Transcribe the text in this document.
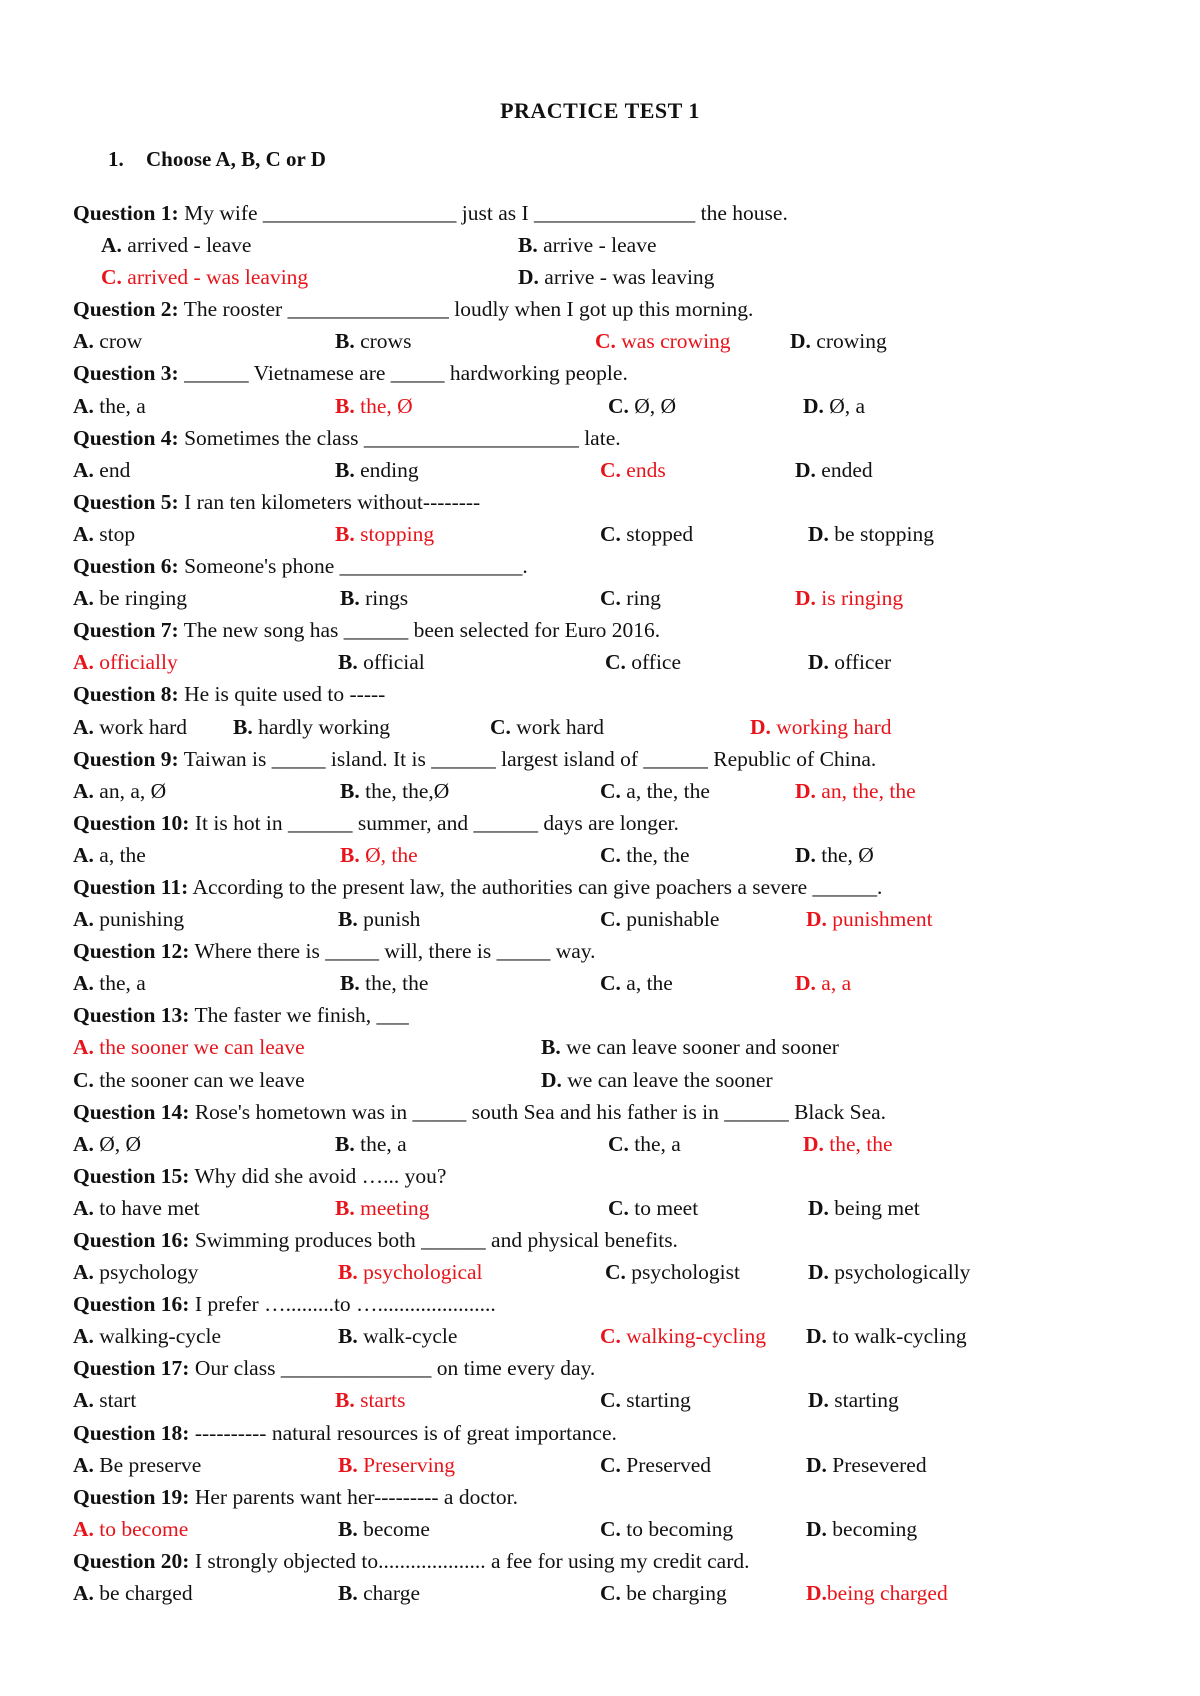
PRACTICE TEST 1
1. Choose A, B, C or D
Question 1: My wife __________________ just as I _______________ the house.
A. arrived - leave	B. arrive - leave
C. arrived - was leaving	D. arrive - was leaving
Question 2: The rooster _______________ loudly when I got up this morning.
A. crow	B. crows	C. was crowing	D. crowing
Question 3: ______ Vietnamese are _____ hardworking people.
A. the, a	B. the, Ø	C. Ø, Ø	D. Ø, a
Question 4: Sometimes the class ____________________ late.
A. end	B. ending	C. ends	D. ended
Question 5: I ran ten kilometers without--------
A. stop	B. stopping	C. stopped	D. be stopping
Question 6: Someone's phone _________________.
A. be ringing	B. rings	C. ring	D. is ringing
Question 7: The new song has ______ been selected for Euro 2016.
A. officially	B. official	C. office	D. officer
Question 8: He is quite used to -----
A. work hard B. hardly working	C. work hard	D. working hard
Question 9: Taiwan is _____ island. It is ______ largest island of ______ Republic of China.
A. an, a, Ø	B. the, the,Ø	C. a, the, the	D. an, the, the
Question 10: It is hot in ______ summer, and ______ days are longer.
A. a, the	B. Ø, the	C. the, the	D. the, Ø
Question 11: According to the present law, the authorities can give poachers a severe ______.
A. punishing	B. punish	C. punishable	D. punishment
Question 12: Where there is _____ will, there is _____ way.
A. the, a	B. the, the	C. a, the	D. a, a
Question 13: The faster we finish, ___
A. the sooner we can leave	B. we can leave sooner and sooner
C. the sooner can we leave	D. we can leave the sooner
Question 14: Rose's hometown was in _____ south Sea and his father is in ______ Black Sea.
A. Ø, Ø	B. the, a	C. the, a	D. the, the
Question 15: Why did she avoid …... you?
A. to have met	B. meeting	C. to meet	D. being met
Question 16: Swimming produces both ______ and physical benefits.
A. psychology	B. psychological	C. psychologist	D. psychologically
Question 16: I prefer ….........to …......................
A. walking-cycle	B. walk-cycle	C. walking-cycling D. to walk-cycling
Question 17: Our class ______________ on time every day.
A. start	B. starts	C. starting	D. starting
Question 18: ---------- natural resources is of great importance.
A. Be preserve	B. Preserving	C. Preserved	D. Presevered
Question 19: Her parents want her--------- a doctor.
A. to become	B. become	C. to becoming	D. becoming
Question 20: I strongly objected to.................... a fee for using my credit card.
A. be charged	B. charge	C. be charging	D.being charged
